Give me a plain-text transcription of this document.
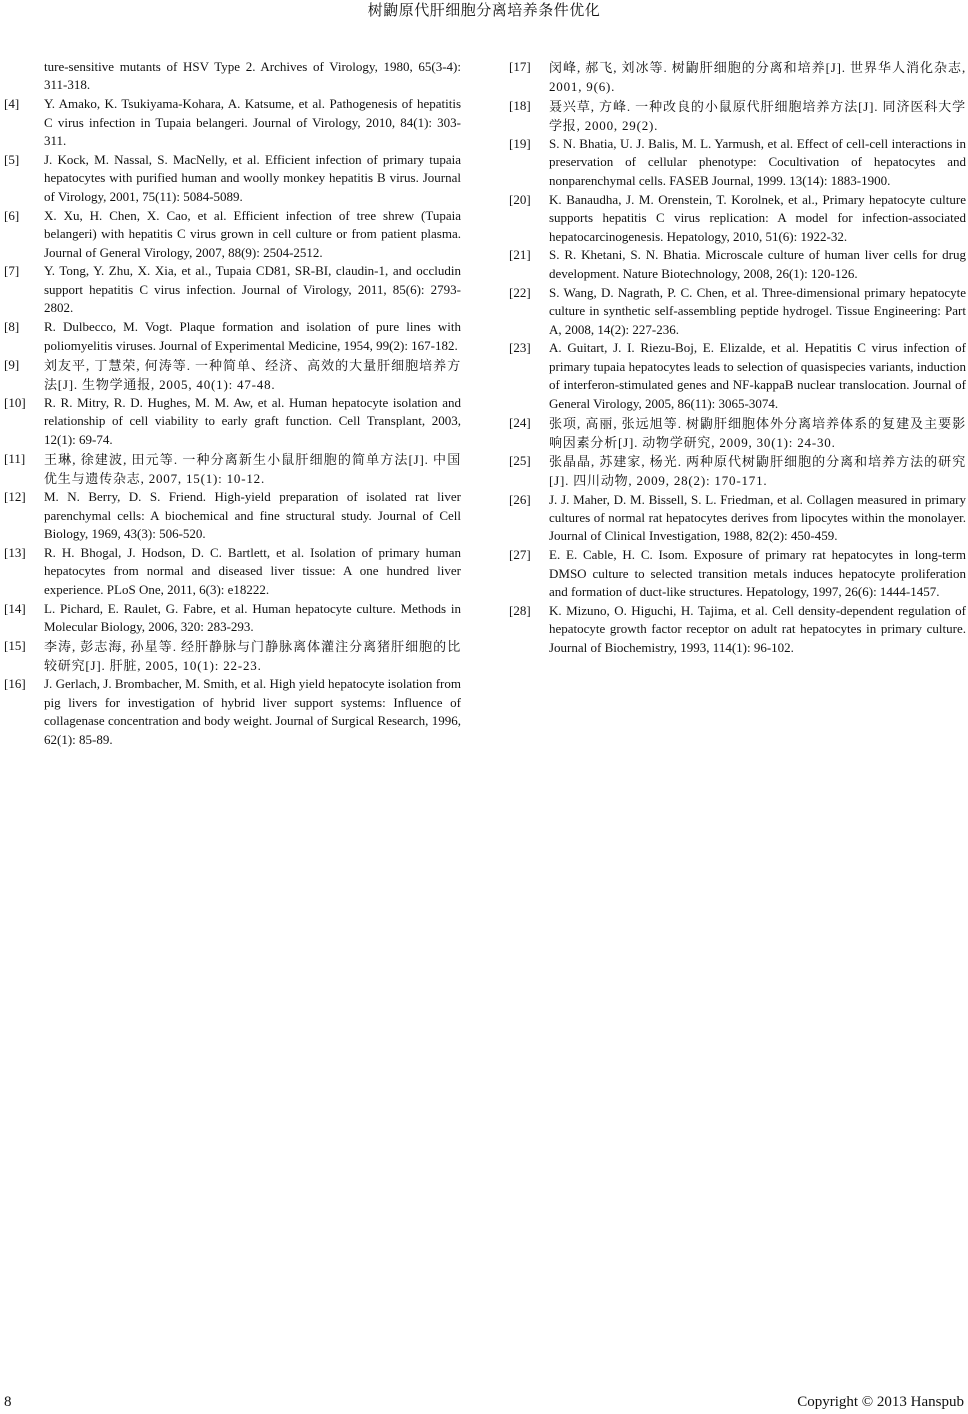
树鼩原代肝细胞分离培养条件优化
ture-sensitive mutants of HSV Type 2. Archives of Virology, 1980, 65(3-4): 311-318.
[4]	Y. Amako, K. Tsukiyama-Kohara, A. Katsume, et al. Pathogenesis of hepatitis C virus infection in Tupaia belangeri. Journal of Virology, 2010, 84(1): 303-311.
[5]	J. Kock, M. Nassal, S. MacNelly, et al. Efficient infection of primary tupaia hepatocytes with purified human and woolly monkey hepatitis B virus. Journal of Virology, 2001, 75(11): 5084-5089.
[6]	X. Xu, H. Chen, X. Cao, et al. Efficient infection of tree shrew (Tupaia belangeri) with hepatitis C virus grown in cell culture or from patient plasma. Journal of General Virology, 2007, 88(9): 2504-2512.
[7]	Y. Tong, Y. Zhu, X. Xia, et al., Tupaia CD81, SR-BI, claudin-1, and occludin support hepatitis C virus infection. Journal of Virology, 2011, 85(6): 2793-2802.
[8]	R. Dulbecco, M. Vogt. Plaque formation and isolation of pure lines with poliomyelitis viruses. Journal of Experimental Medicine, 1954, 99(2): 167-182.
[9]	刘友平, 丁慧荣, 何涛等. 一种简单、经济、高效的大量肝细胞培养方法[J]. 生物学通报, 2005, 40(1): 47-48.
[10]	R. R. Mitry, R. D. Hughes, M. M. Aw, et al. Human hepatocyte isolation and relationship of cell viability to early graft function. Cell Transplant, 2003, 12(1): 69-74.
[11]	王琳, 徐建波, 田元等. 一种分离新生小鼠肝细胞的简单方法[J]. 中国优生与遗传杂志, 2007, 15(1): 10-12.
[12]	M. N. Berry, D. S. Friend. High-yield preparation of isolated rat liver parenchymal cells: A biochemical and fine structural study. Journal of Cell Biology, 1969, 43(3): 506-520.
[13]	R. H. Bhogal, J. Hodson, D. C. Bartlett, et al. Isolation of primary human hepatocytes from normal and diseased liver tissue: A one hundred liver experience. PLoS One, 2011, 6(3): e18222.
[14]	L. Pichard, E. Raulet, G. Fabre, et al. Human hepatocyte culture. Methods in Molecular Biology, 2006, 320: 283-293.
[15]	李涛, 彭志海, 孙星等. 经肝静脉与门静脉离体灌注分离猪肝细胞的比较研究[J]. 肝脏, 2005, 10(1): 22-23.
[16]	J. Gerlach, J. Brombacher, M. Smith, et al. High yield hepatocyte isolation from pig livers for investigation of hybrid liver support systems: Influence of collagenase concentration and body weight. Journal of Surgical Research, 1996, 62(1): 85-89.
[17]	闵峰, 郝飞, 刘冰等. 树鼩肝细胞的分离和培养[J]. 世界华人消化杂志, 2001, 9(6).
[18]	聂兴草, 方峰. 一种改良的小鼠原代肝细胞培养方法[J]. 同济医科大学学报, 2000, 29(2).
[19]	S. N. Bhatia, U. J. Balis, M. L. Yarmush, et al. Effect of cell-cell interactions in preservation of cellular phenotype: Cocultivation of hepatocytes and nonparenchymal cells. FASEB Journal, 1999. 13(14): 1883-1900.
[20]	K. Banaudha, J. M. Orenstein, T. Korolnek, et al., Primary hepatocyte culture supports hepatitis C virus replication: A model for infection-associated hepatocarcinogenesis. Hepatology, 2010, 51(6): 1922-32.
[21]	S. R. Khetani, S. N. Bhatia. Microscale culture of human liver cells for drug development. Nature Biotechnology, 2008, 26(1): 120-126.
[22]	S. Wang, D. Nagrath, P. C. Chen, et al. Three-dimensional primary hepatocyte culture in synthetic self-assembling peptide hydrogel. Tissue Engineering: Part A, 2008, 14(2): 227-236.
[23]	A. Guitart, J. I. Riezu-Boj, E. Elizalde, et al. Hepatitis C virus infection of primary tupaia hepatocytes leads to selection of quasispecies variants, induction of interferon-stimulated genes and NF-kappaB nuclear translocation. Journal of General Virology, 2005, 86(11): 3065-3074.
[24]	张项, 高丽, 张远旭等. 树鼩肝细胞体外分离培养体系的复建及主要影响因素分析[J]. 动物学研究, 2009, 30(1): 24-30.
[25]	张晶晶, 苏建家, 杨光. 两种原代树鼩肝细胞的分离和培养方法的研究[J]. 四川动物, 2009, 28(2): 170-171.
[26]	J. J. Maher, D. M. Bissell, S. L. Friedman, et al. Collagen measured in primary cultures of normal rat hepatocytes derives from lipocytes within the monolayer. Journal of Clinical Investigation, 1988, 82(2): 450-459.
[27]	E. E. Cable, H. C. Isom. Exposure of primary rat hepatocytes in long-term DMSO culture to selected transition metals induces hepatocyte proliferation and formation of duct-like structures. Hepatology, 1997, 26(6): 1444-1457.
[28]	K. Mizuno, O. Higuchi, H. Tajima, et al. Cell density-dependent regulation of hepatocyte growth factor receptor on adult rat hepatocytes in primary culture. Journal of Biochemistry, 1993, 114(1): 96-102.
8	Copyright © 2013 Hanspub
